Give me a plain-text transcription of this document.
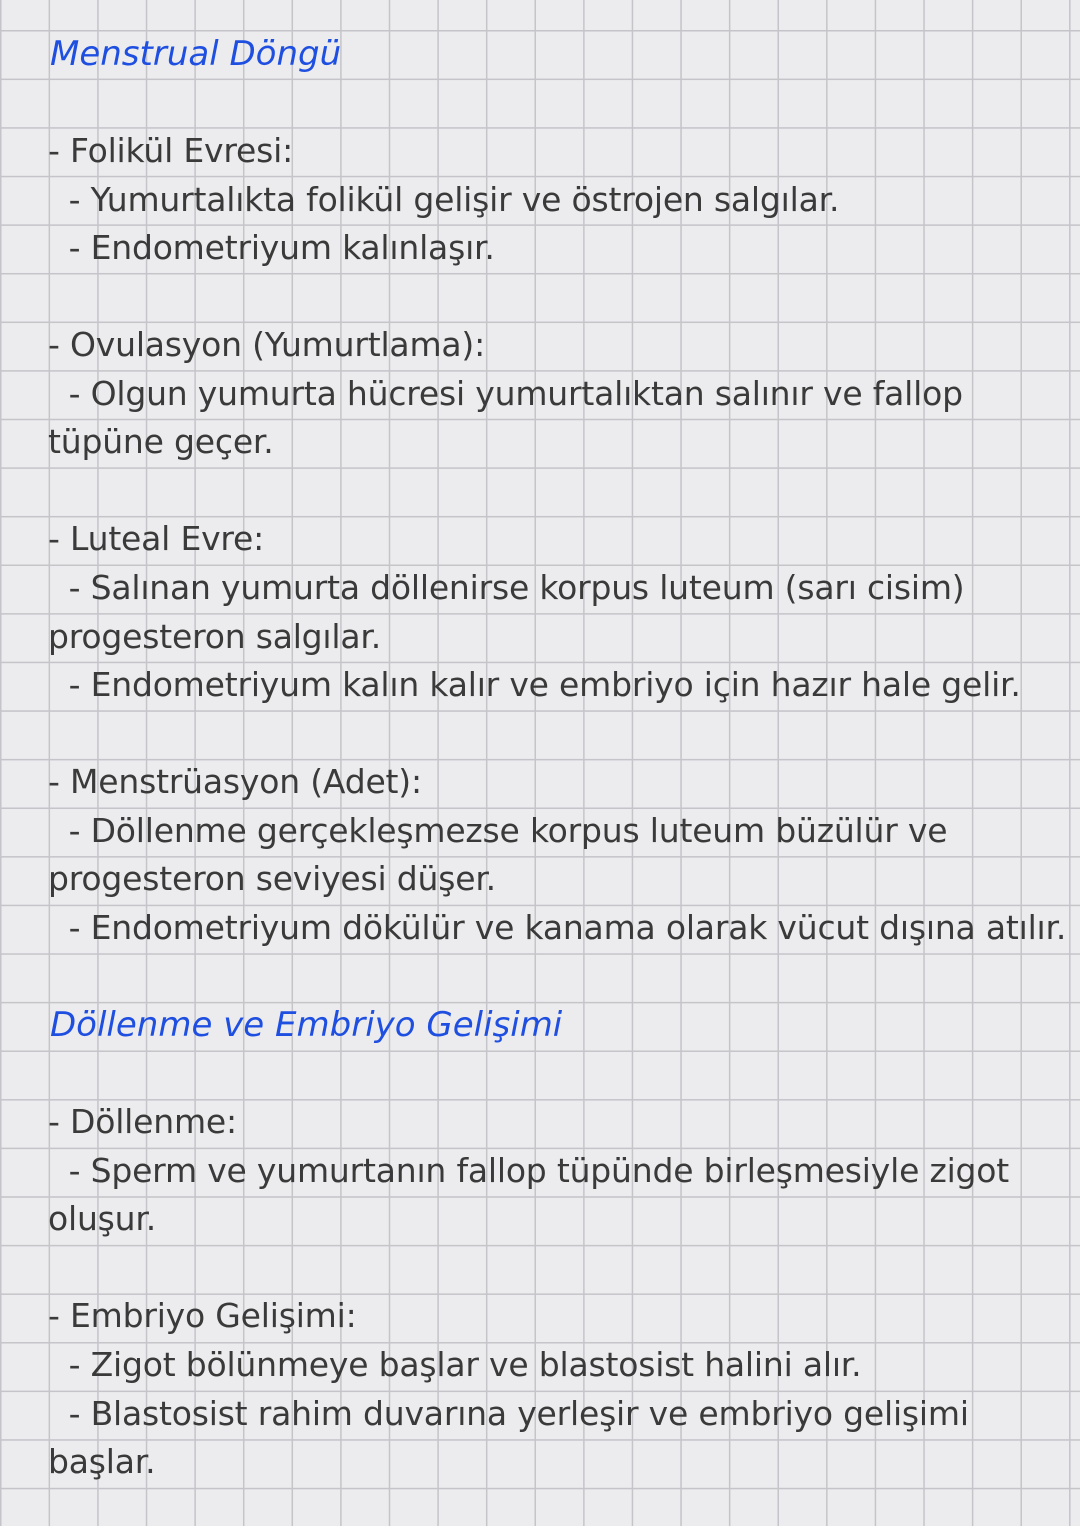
Menstrual Döngü
- Folikül Evresi:
- Yumurtalıkta folikül gelişir ve östrojen salgılar.
- Endometriyum kalınlaşır.
- Ovulasyon (Yumurtlama):
- Olgun yumurta hücresi yumurtalıktan salınır ve fallop
tüpüne geçer.
- Luteal Evre:
- Salınan yumurta döllenirse korpus luteum (sarı cisim)
progesteron salgılar.
- Endometriyum kalın kalır ve embriyo için hazır hale gelir.
- Menstrüasyon (Adet):
- Döllenme gerçekleşmezse korpus luteum büzülür ve
progesteron seviyesi düşer.
- Endometriyum dökülür ve kanama olarak vücut dışına atılır.
Döllenme ve Embriyo Gelişimi
- Döllenme:
- Sperm ve yumurtanın fallop tüpünde birleşmesiyle zigot
oluşur.
- Embriyo Gelişimi:
- Zigot bölünmeye başlar ve blastosist halini alır.
- Blastosist rahim duvarına yerleşir ve embriyo gelişimi
başlar.
